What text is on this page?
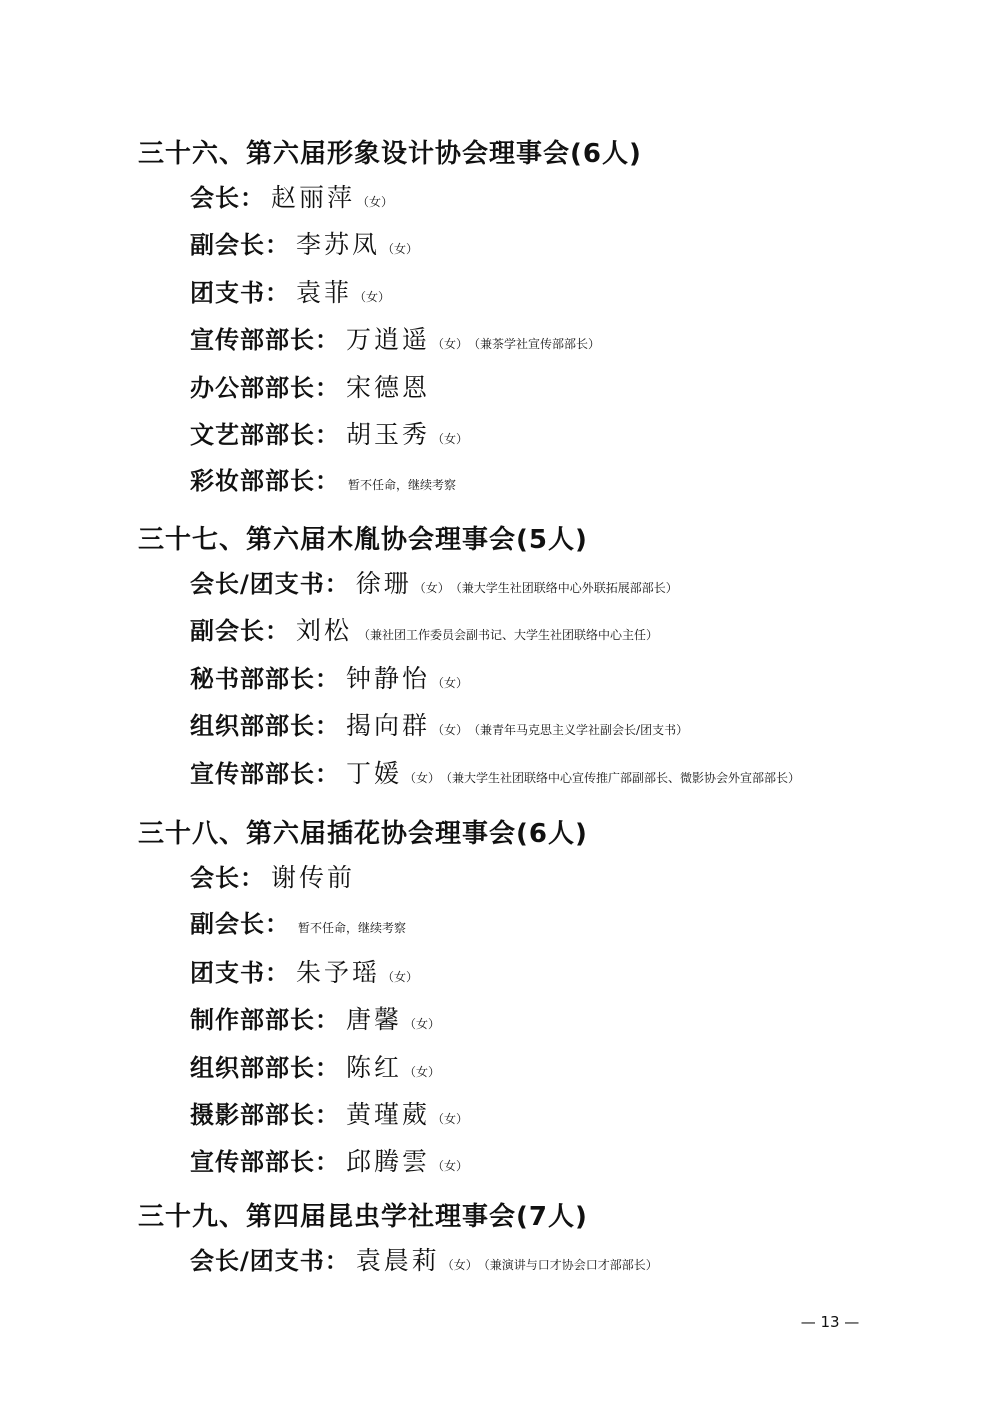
三十六、第六届形象设计协会理事会(6人)
会长： 赵丽萍 （女）
副会长： 李苏凤 （女）
团支书： 袁菲 （女）
宣传部部长： 万逍遥 （女） （兼茶学社宣传部部长）
办公部部长： 宋德恩
文艺部部长： 胡玉秀 （女）
彩妆部部长： 暂不任命，继续考察
三十七、第六届木胤协会理事会(5人)
会长/团支书： 徐珊 （女） （兼大学生社团联络中心外联拓展部部长）
副会长： 刘松 （兼社团工作委员会副书记、大学生社团联络中心主任）
秘书部部长： 钟静怡 （女）
组织部部长： 揭向群 （女） （兼青年马克思主义学社副会长/团支书）
宣传部部长： 丁媛 （女） （兼大学生社团联络中心宣传推广部副部长、微影协会外宣部部长）
三十八、第六届插花协会理事会(6人)
会长： 谢传前
副会长： 暂不任命，继续考察
团支书： 朱予瑶 （女）
制作部部长： 唐馨 （女）
组织部部长： 陈红 （女）
摄影部部长： 黄瑾葳 （女）
宣传部部长： 邱腾雲 （女）
三十九、第四届昆虫学社理事会(7人)
会长/团支书： 袁晨莉 （女） （兼演讲与口才协会口才部部长）
— 13 —
